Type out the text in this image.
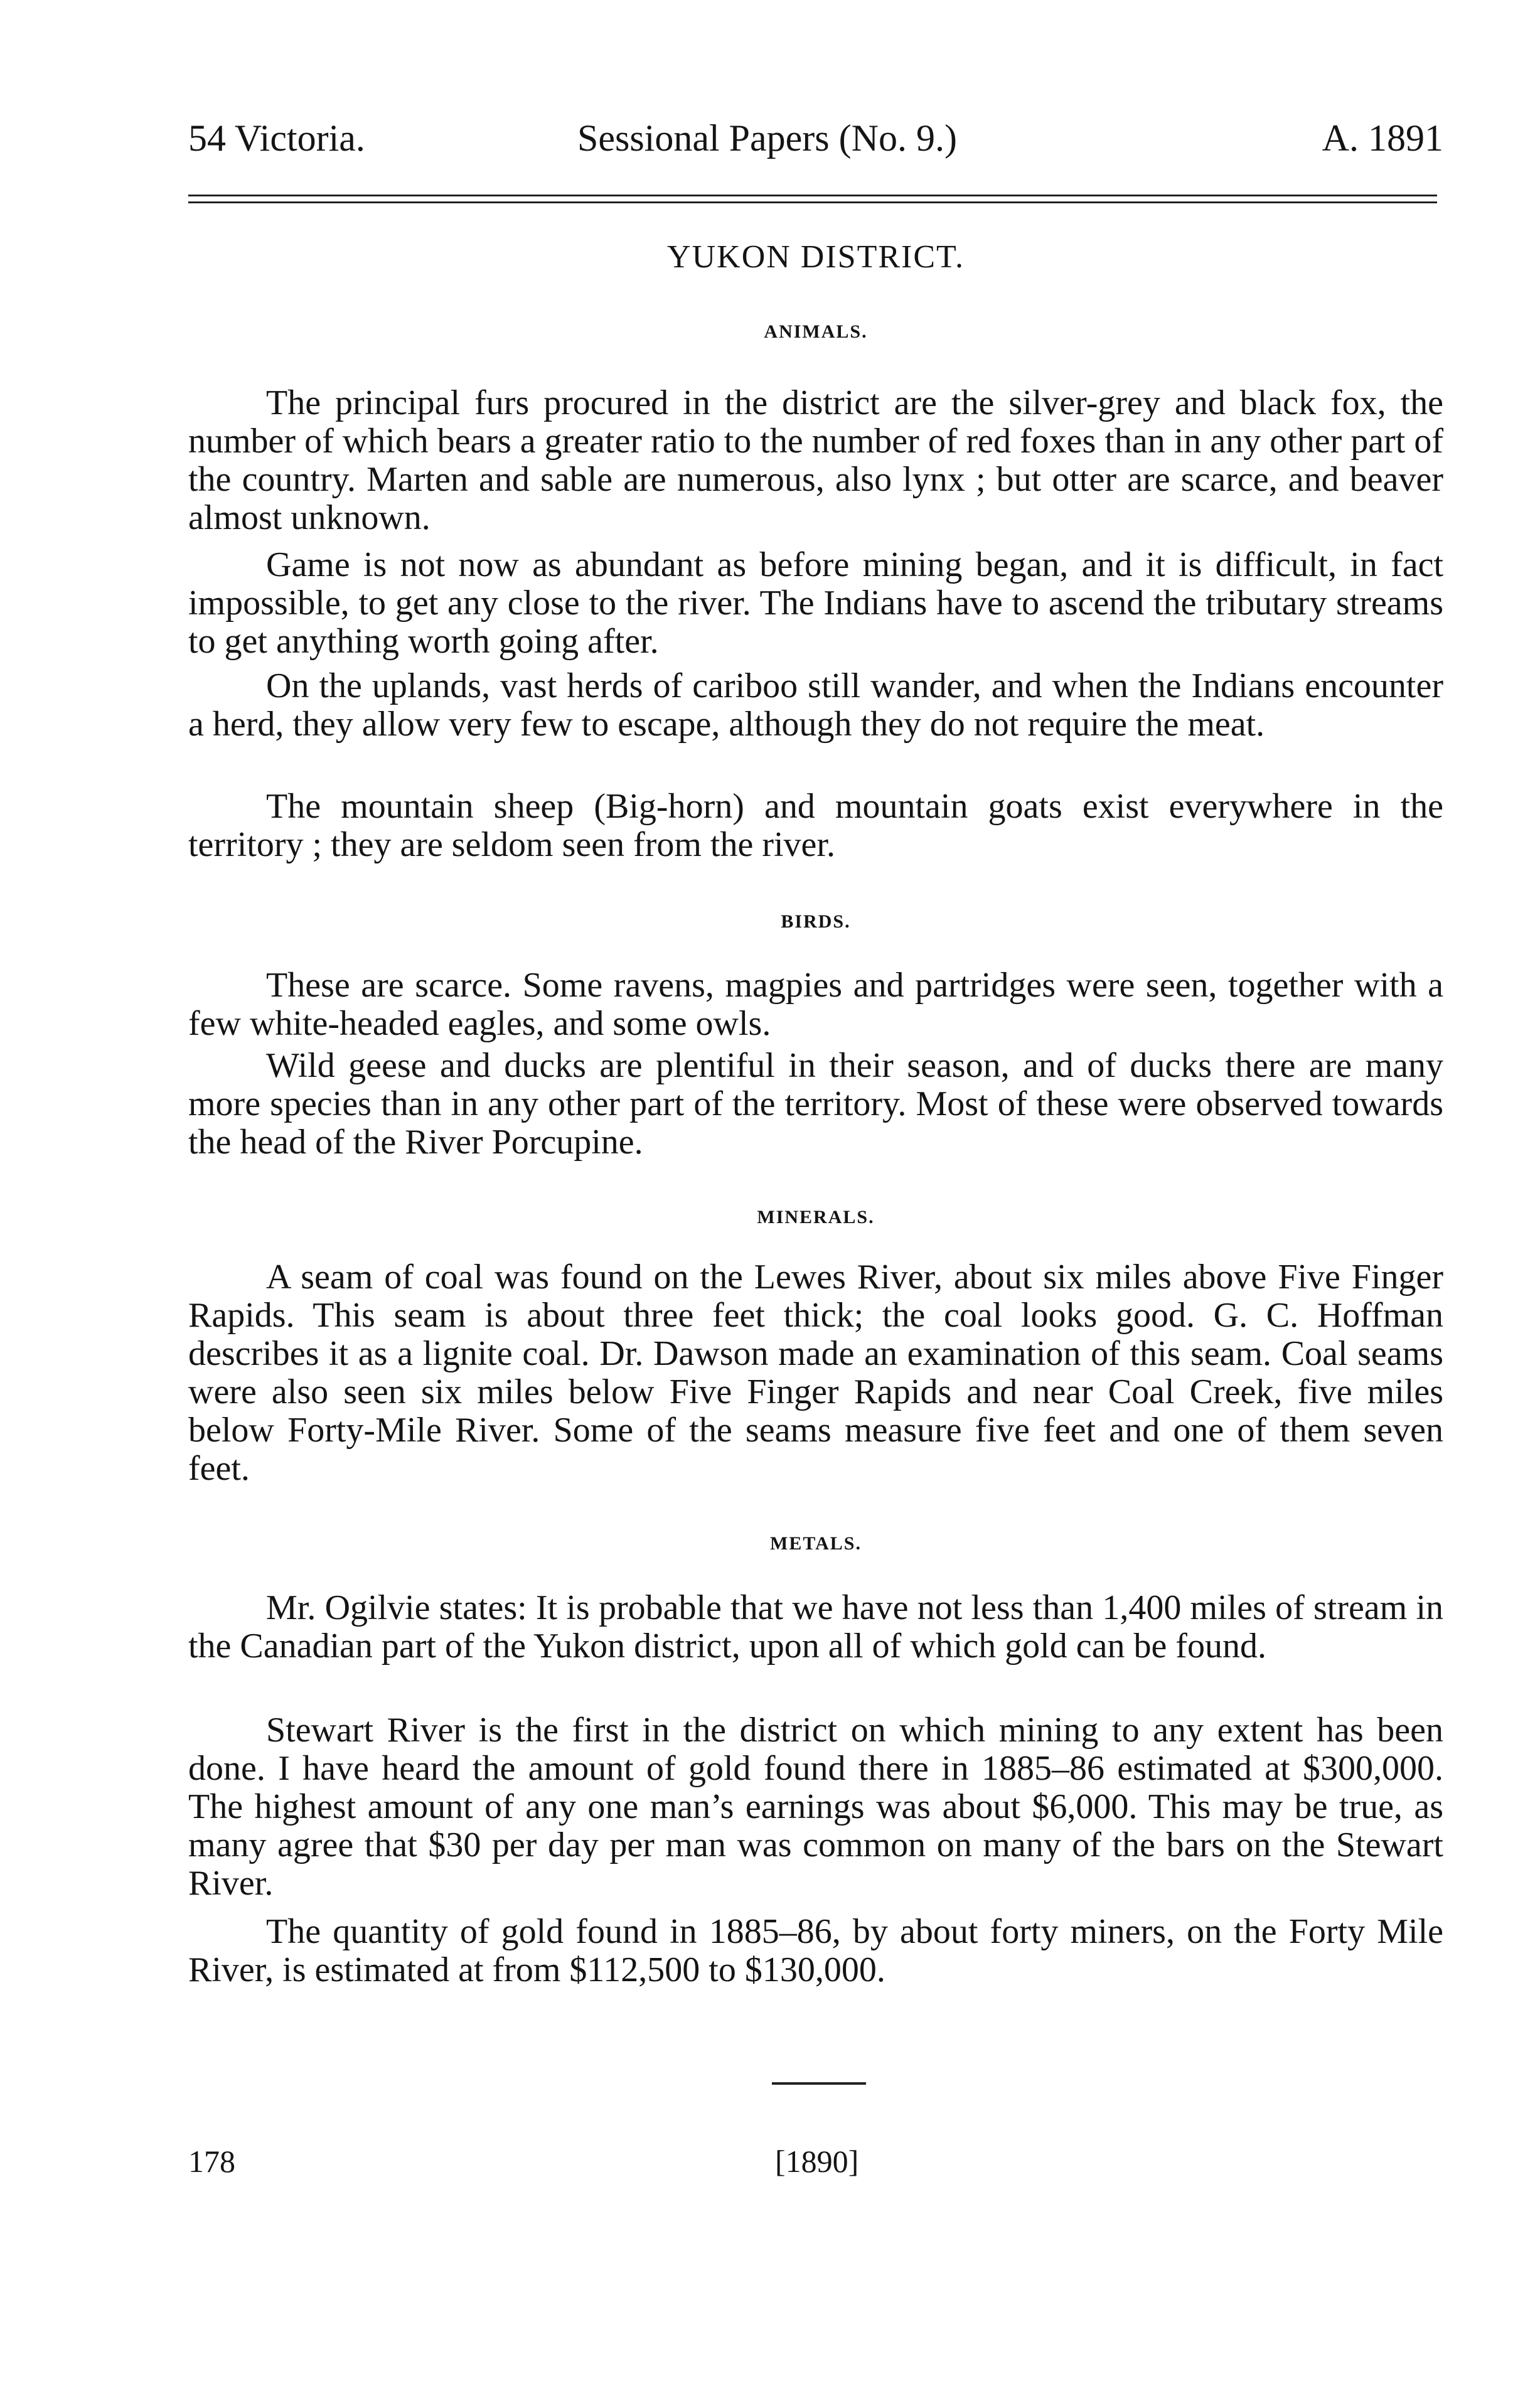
54 Victoria.	Sessional Papers (No. 9.)	A. 1891
YUKON DISTRICT.
ANIMALS.

The principal furs procured in the district are the silver-grey and black fox, the number of which bears a greater ratio to the number of red foxes than in any other part of the country. Marten and sable are numerous, also lynx ; but otter are scarce, and beaver almost unknown.

Game is not now as abundant as before mining began, and it is difficult, in fact impossible, to get any close to the river. The Indians have to ascend the tributary streams to get anything worth going after.

On the uplands, vast herds of cariboo still wander, and when the Indians encounter a herd, they allow very few to escape, although they do not require the meat.

The mountain sheep (Big-horn) and mountain goats exist everywhere in the territory ; they are seldom seen from the river.

BIRDS.

These are scarce. Some ravens, magpies and partridges were seen, together with a few white-headed eagles, and some owls.

Wild geese and ducks are plentiful in their season, and of ducks there are many more species than in any other part of the territory. Most of these were observed towards the head of the River Porcupine.

MINERALS.

A seam of coal was found on the Lewes River, about six miles above Five Finger Rapids. This seam is about three feet thick; the coal looks good. G. C. Hoffman describes it as a lignite coal. Dr. Dawson made an examination of this seam. Coal seams were also seen six miles below Five Finger Rapids and near Coal Creek, five miles below Forty-Mile River. Some of the seams measure five feet and one of them seven feet.

METALS.

Mr. Ogilvie states: It is probable that we have not less than 1,400 miles of stream in the Canadian part of the Yukon district, upon all of which gold can be found.

Stewart River is the first in the district on which mining to any extent has been done. I have heard the amount of gold found there in 1885–86 estimated at $300,000. The highest amount of any one man’s earnings was about $6,000. This may be true, as many agree that $30 per day per man was common on many of the bars on the Stewart River.

The quantity of gold found in 1885–86, by about forty miners, on the Forty Mile River, is estimated at from $112,500 to $130,000.

178	[1890]
